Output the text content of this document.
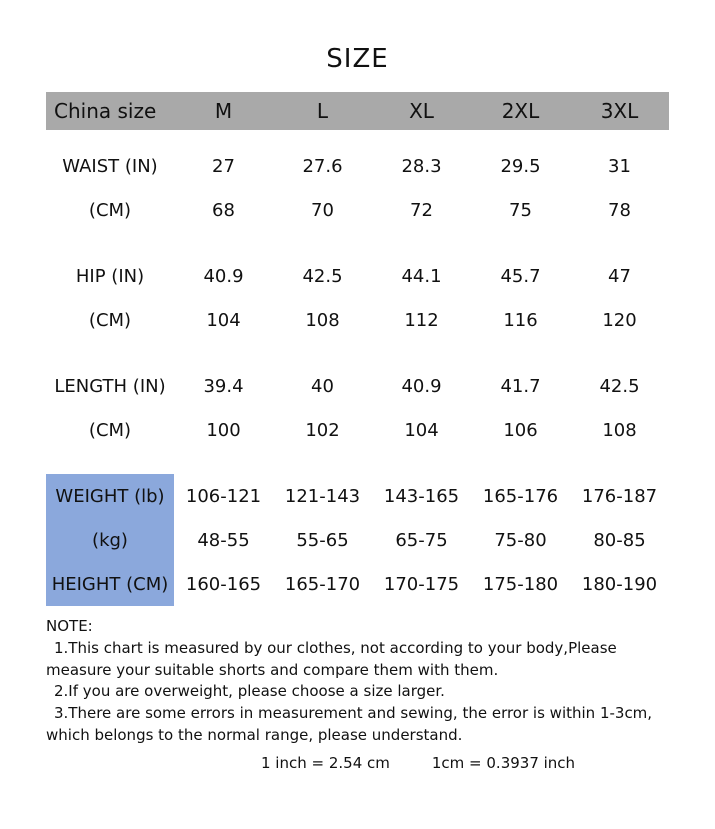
SIZE
China size	M	L	XL	2XL	3XL

WAIST (IN)	27	27.6	28.3	29.5	31
(CM)	68	70	72	75	78

HIP (IN)	40.9	42.5	44.1	45.7	47
(CM)	104	108	112	116	120

LENGTH (IN)	39.4	40	40.9	41.7	42.5
(CM)	100	102	104	106	108

WEIGHT (lb)	106-121	121-143	143-165	165-176	176-187
(kg)	48-55	55-65	65-75	75-80	80-85
HEIGHT (CM)	160-165	165-170	170-175	175-180	180-190

NOTE:

1.This chart is measured by our clothes, not according to your body,Please

measure your suitable shorts and compare them with them.

2.If you are overweight, please choose a size larger.

3.There are some errors in measurement and sewing, the error is within 1-3cm,

which belongs to the normal range, please understand.

1 inch = 2.54 cm	1cm = 0.3937 inch
